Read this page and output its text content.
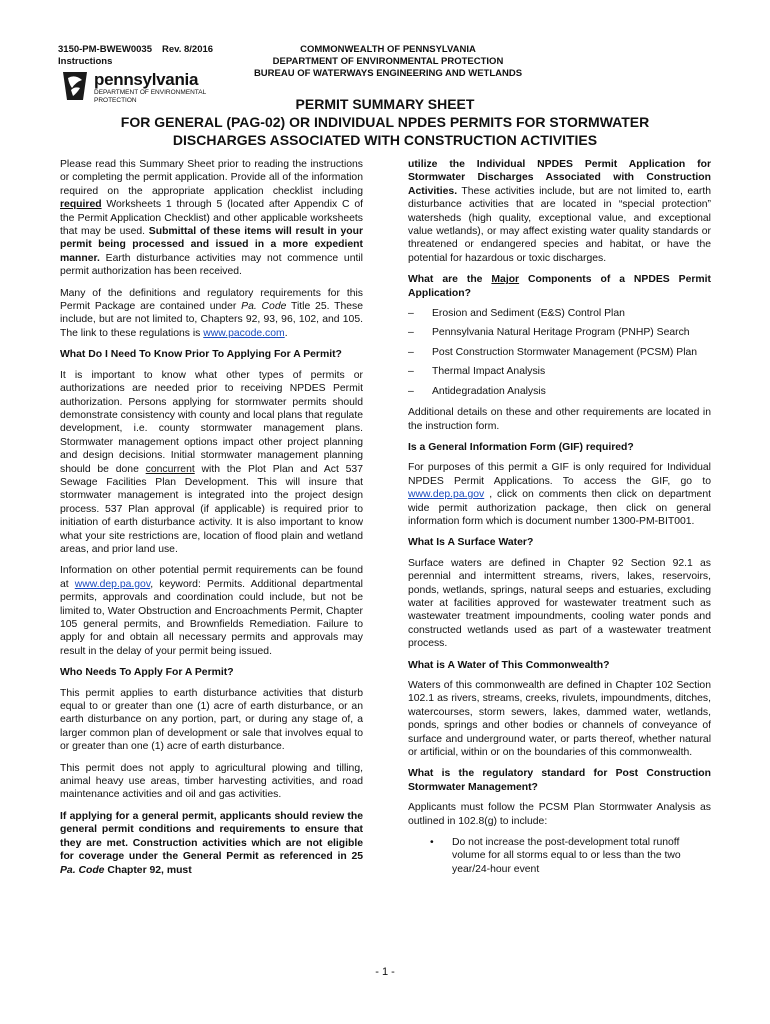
3150-PM-BWEW0035 Rev. 8/2016
Instructions
COMMONWEALTH OF PENNSYLVANIA
DEPARTMENT OF ENVIRONMENTAL PROTECTION
BUREAU OF WATERWAYS ENGINEERING AND WETLANDS
pennsylvania
DEPARTMENT OF ENVIRONMENTAL
PROTECTION	PERMIT SUMMARY SHEET
FOR GENERAL (PAG-02) OR INDIVIDUAL NPDES PERMITS FOR STORMWATER
DISCHARGES ASSOCIATED WITH CONSTRUCTION ACTIVITIES

Please read this Summary Sheet prior to reading the instructions or completing the permit application. Provide all of the information required on the appropriate application checklist including required Worksheets 1 through 5 (located after Appendix C of the Permit Application Checklist) and other applicable worksheets that may be used. Submittal of these items will result in your permit being processed and issued in a more expedient manner. Earth disturbance activities may not commence until permit authorization has been received.

Many of the definitions and regulatory requirements for this Permit Package are contained under Pa. Code Title 25. These include, but are not limited to, Chapters 92, 93, 96, 102, and 105. The link to these regulations is www.pacode.com.

What Do I Need To Know Prior To Applying For A Permit?

It is important to know what other types of permits or authorizations are needed prior to receiving NPDES Permit authorization. Persons applying for stormwater permits should demonstrate consistency with county and local plans that regulate development, i.e. county stormwater management plans. Stormwater management options impact other project planning and design decisions. Initial stormwater management planning should be done concurrent with the Plot Plan and Act 537 Sewage Facilities Plan Development. This will insure that stormwater management is integrated into the project design process. 537 Plan approval (if applicable) is required prior to initiation of earth disturbance activity. It is also important to know what your site restrictions are, location of flood plain and wetland areas, and prior land use.

Information on other potential permit requirements can be found at www.dep.pa.gov, keyword: Permits. Additional departmental permits, approvals and coordination could include, but not be limited to, Water Obstruction and Encroachments Permit, Chapter 105 general permits, and Brownfields Remediation. Failure to apply for and obtain all necessary permits and approvals may result in the delay of your permit being issued.

Who Needs To Apply For A Permit?

This permit applies to earth disturbance activities that disturb equal to or greater than one (1) acre of earth disturbance, or an earth disturbance on any portion, part, or during any stage of, a larger common plan of development or sale that involves equal to or greater than one (1) acre of earth disturbance.

This permit does not apply to agricultural plowing and tilling, animal heavy use areas, timber harvesting activities, and road maintenance activities and oil and gas activities.

If applying for a general permit, applicants should review the general permit conditions and requirements to ensure that they are met. Construction activities which are not eligible for coverage under the General Permit as referenced in 25 Pa. Code Chapter 92, must

utilize the Individual NPDES Permit Application for Stormwater Discharges Associated with Construction Activities. These activities include, but are not limited to, earth disturbance activities that are located in “special protection” watersheds (high quality, exceptional value, and exceptional value wetlands), or may affect existing water quality standards or threatened or endangered species and habitat, or have the potential for hazardous or toxic discharges.

What are the Major Components of a NPDES Permit Application?
– Erosion and Sediment (E&S) Control Plan
– Pennsylvania Natural Heritage Program (PNHP) Search
– Post Construction Stormwater Management (PCSM) Plan
– Thermal Impact Analysis
– Antidegradation Analysis

Additional details on these and other requirements are located in the instruction form.

Is a General Information Form (GIF) required?

For purposes of this permit a GIF is only required for Individual NPDES Permit Applications. To access the GIF, go to www.dep.pa.gov , click on comments then click on department wide permit authorization package, then click on general information form which is document number 1300-PM-BIT001.

What Is A Surface Water?

Surface waters are defined in Chapter 92 Section 92.1 as perennial and intermittent streams, rivers, lakes, reservoirs, ponds, wetlands, springs, natural seeps and estuaries, excluding water at facilities approved for wastewater treatment such as wastewater treatment impoundments, cooling water ponds and constructed wetlands used as part of a wastewater treatment process.

What is A Water of This Commonwealth?

Waters of this commonwealth are defined in Chapter 102 Section 102.1 as rivers, streams, creeks, rivulets, impoundments, ditches, watercourses, storm sewers, lakes, dammed water, wetlands, ponds, springs and other bodies or channels of conveyance of surface and underground water, or parts thereof, whether natural or artificial, within or on the boundaries of this commonwealth.

What is the regulatory standard for Post Construction Stormwater Management?

Applicants must follow the PCSM Plan Stormwater Analysis as outlined in 102.8(g) to include:

• Do not increase the post-development total runoff volume for all storms equal to or less than the two year/24-hour event
- 1 -
